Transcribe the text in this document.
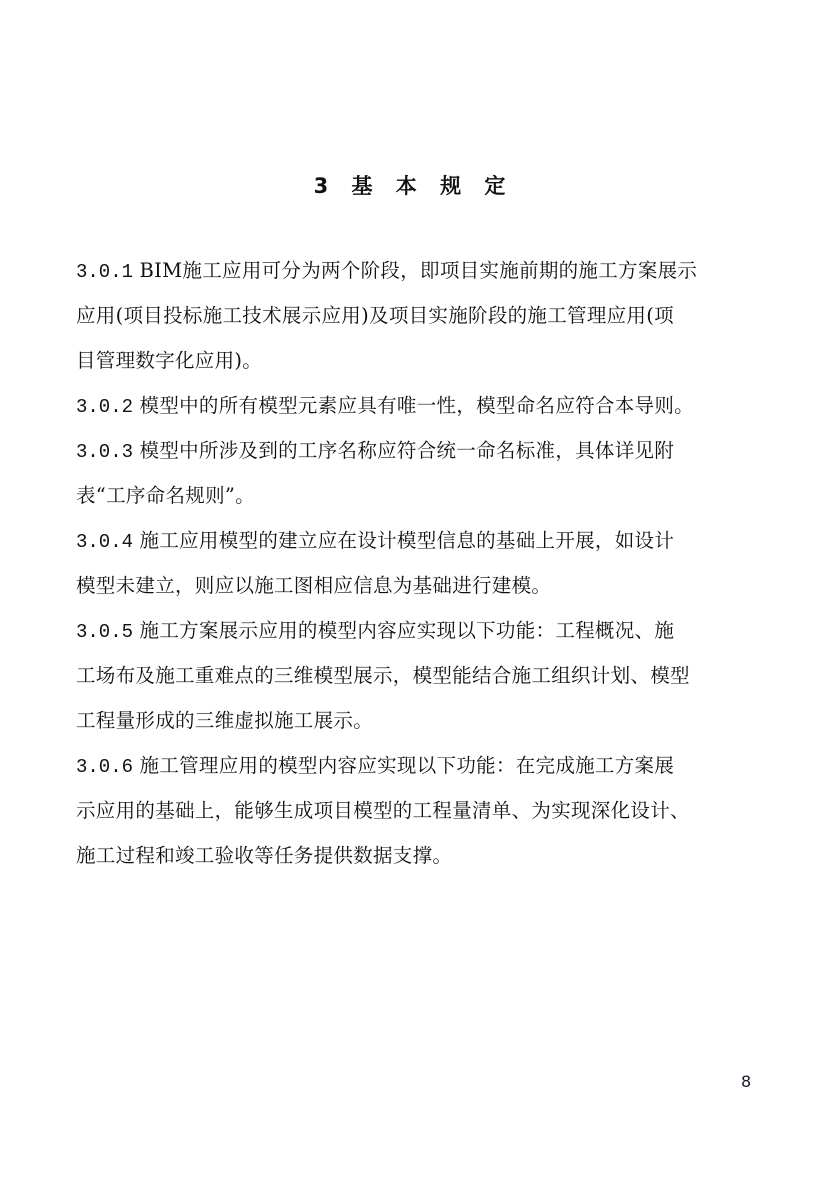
3 基 本 规 定
3.0.1 BIM施工应用可分为两个阶段，即项目实施前期的施工方案展示
应用(项目投标施工技术展示应用)及项目实施阶段的施工管理应用(项
目管理数字化应用)。
3.0.2 模型中的所有模型元素应具有唯一性，模型命名应符合本导则。
3.0.3 模型中所涉及到的工序名称应符合统一命名标准，具体详见附
表“工序命名规则”。
3.0.4 施工应用模型的建立应在设计模型信息的基础上开展，如设计
模型未建立，则应以施工图相应信息为基础进行建模。
3.0.5 施工方案展示应用的模型内容应实现以下功能：工程概况、施
工场布及施工重难点的三维模型展示，模型能结合施工组织计划、模型
工程量形成的三维虚拟施工展示。
3.0.6 施工管理应用的模型内容应实现以下功能：在完成施工方案展
示应用的基础上，能够生成项目模型的工程量清单、为实现深化设计、
施工过程和竣工验收等任务提供数据支撑。
8
